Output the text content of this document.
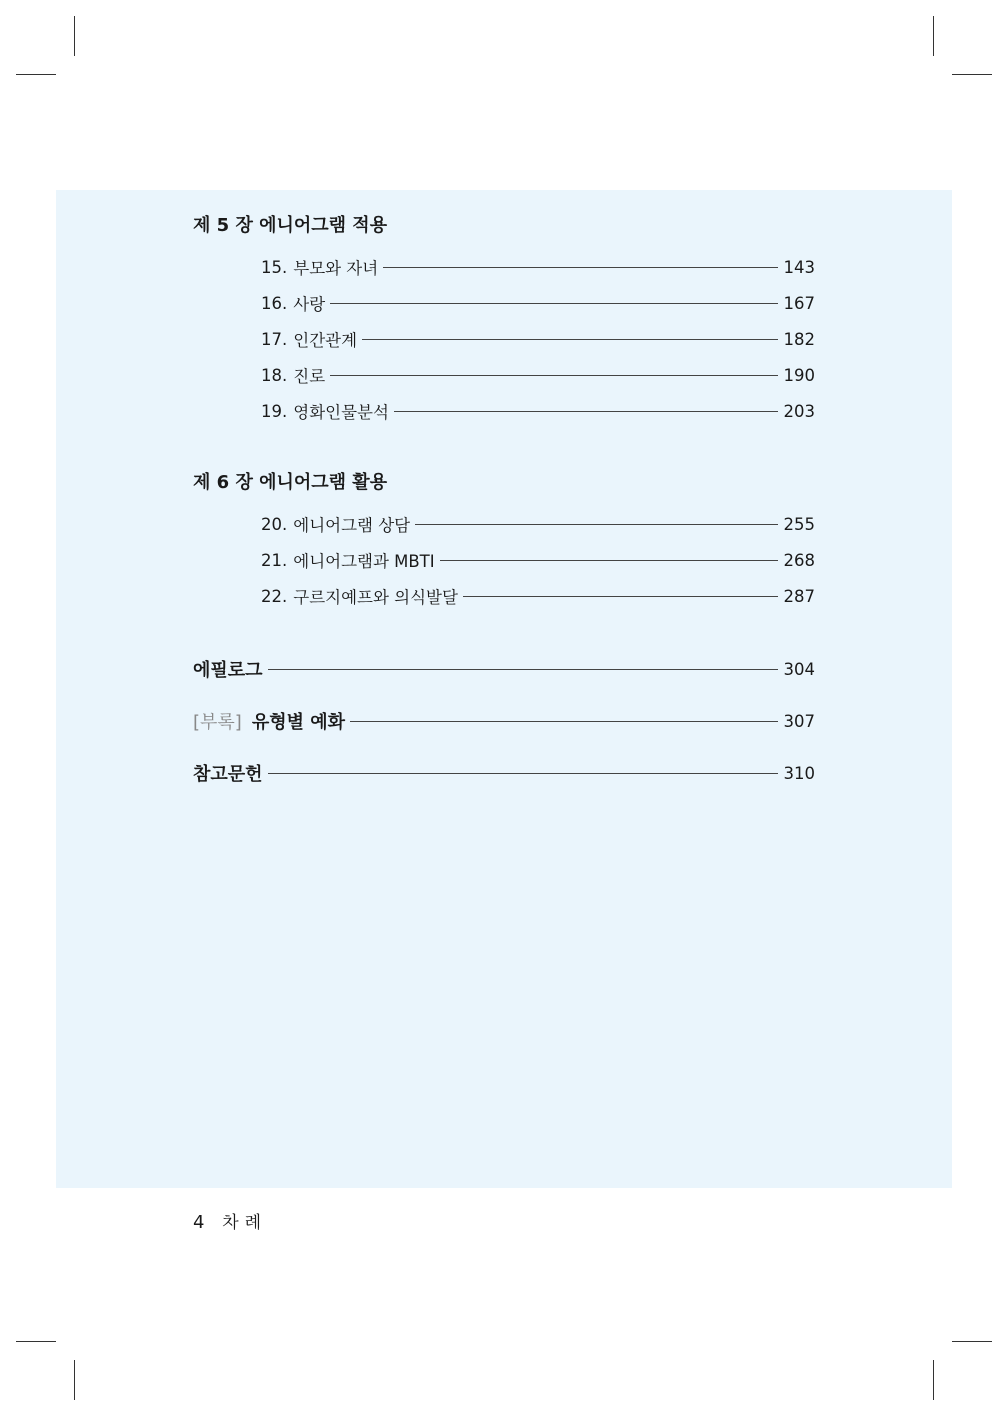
제 5 장 에니어그램 적용
15. 부모와 자녀	143
16. 사랑	167
17. 인간관계	182
18. 진로	190
19. 영화인물분석	203
제 6 장 에니어그램 활용
20. 에니어그램 상담	255
21. 에니어그램과 MBTI	268
22. 구르지예프와 의식발달	287
에필로그	304
[부록] 유형별 예화	307
참고문헌	310
4 차례
